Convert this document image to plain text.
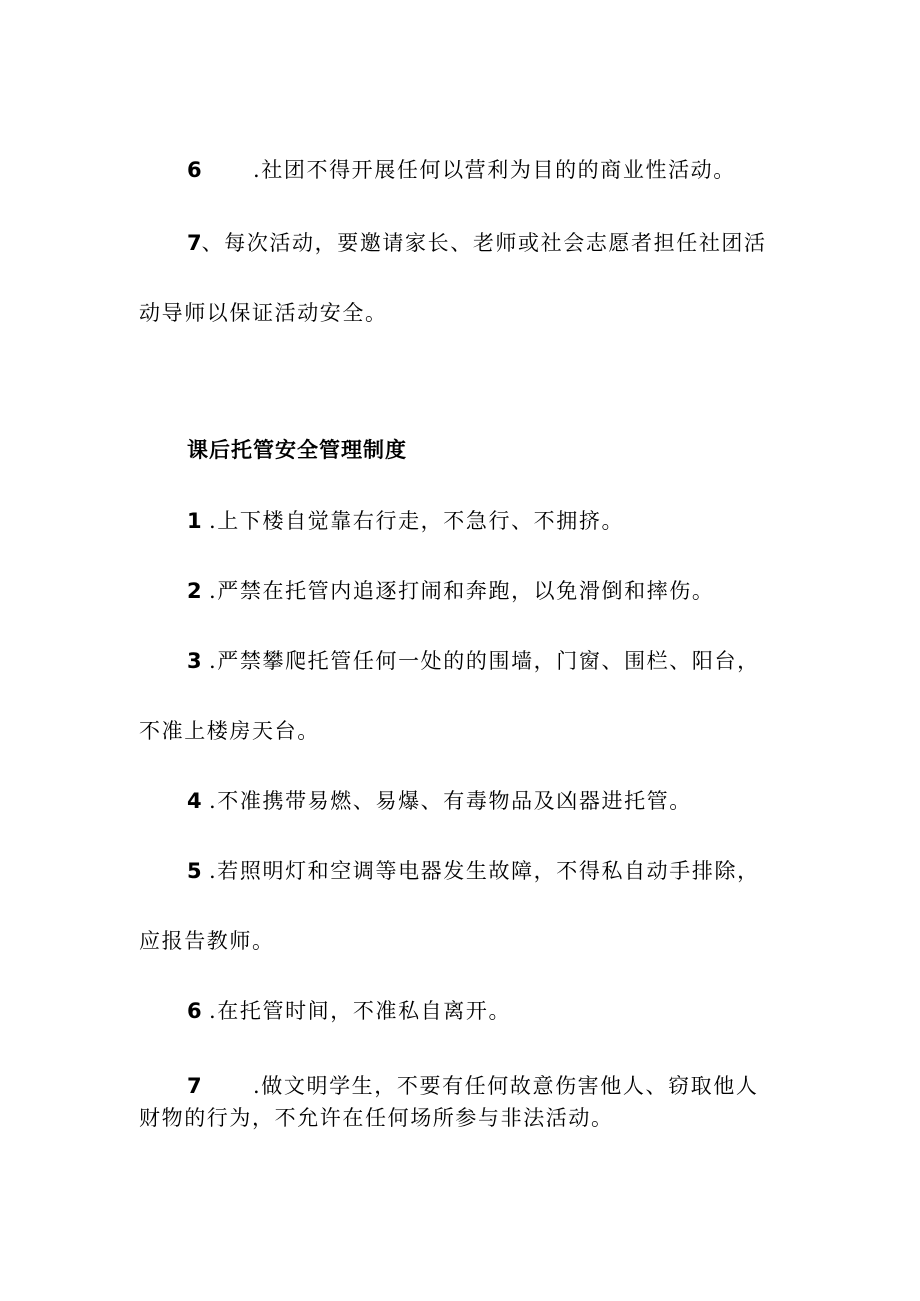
6 .社团不得开展任何以营利为目的的商业性活动。
7、每次活动，要邀请家长、老师或社会志愿者担任社团活
动导师以保证活动安全。
课后托管安全管理制度
1 .上下楼自觉靠右行走，不急行、不拥挤。
2 .严禁在托管内追逐打闹和奔跑，以免滑倒和摔伤。
3 .严禁攀爬托管任何一处的的围墙，门窗、围栏、阳台，
不准上楼房天台。
4 .不准携带易燃、易爆、有毒物品及凶器进托管。
5 .若照明灯和空调等电器发生故障，不得私自动手排除，
应报告教师。
6 .在托管时间，不准私自离开。
7 .做文明学生，不要有任何故意伤害他人、窃取他人
财物的行为，不允许在任何场所参与非法活动。
